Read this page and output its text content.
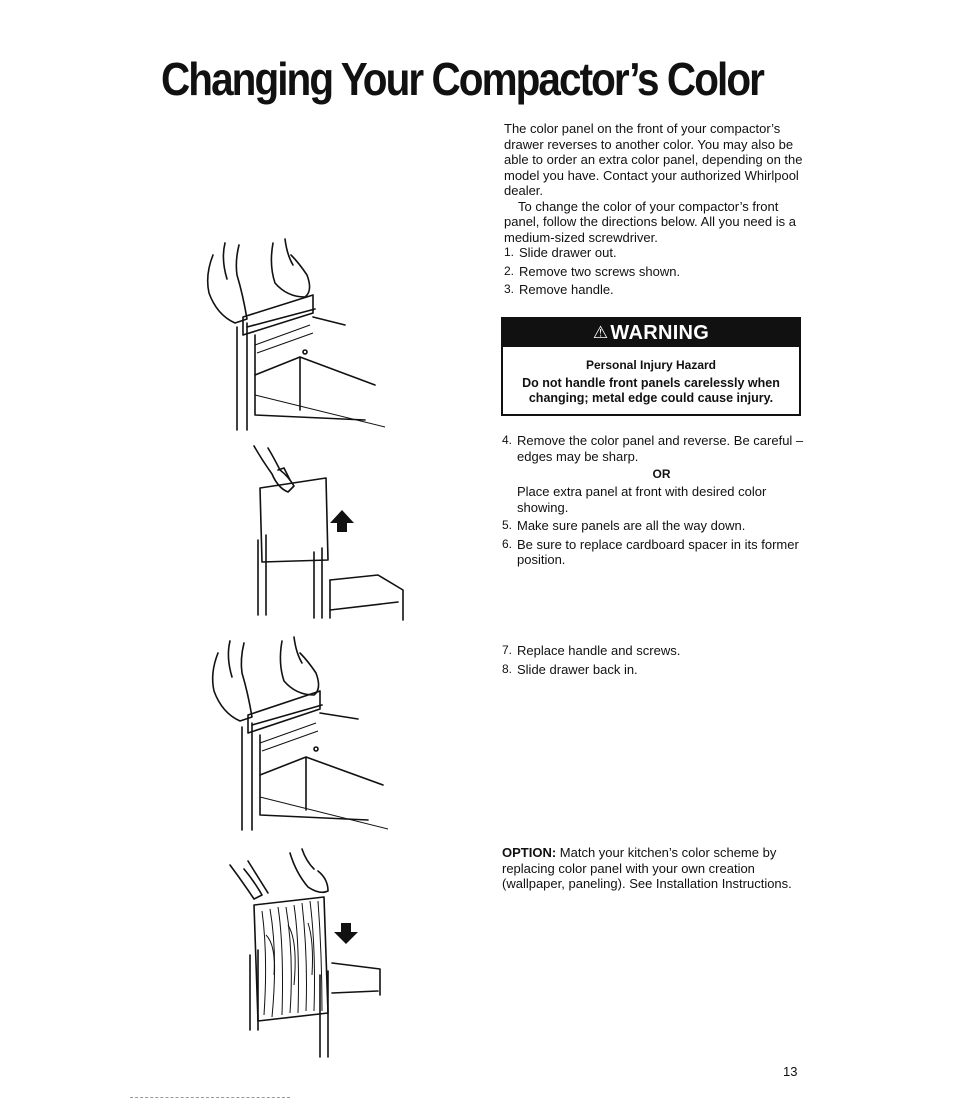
Changing Your Compactor’s Color

The color panel on the front of your compactor’s drawer reverses to another color. You may also be able to order an extra color panel, depending on the model you have. Contact your authorized Whirlpool dealer.

To change the color of your compactor’s front panel, follow the directions below. All you need is a medium-sized screwdriver.

1. Slide drawer out.
2. Remove two screws shown.
3. Remove handle.
⚠ WARNING
Personal Injury Hazard
Do not handle front panels carelessly when changing; metal edge could cause injury.
4. Remove the color panel and reverse. Be careful –edges may be sharp.
OR
Place extra panel at front with desired color showing.
5. Make sure panels are all the way down.
6. Be sure to replace cardboard spacer in its former position.
7. Replace handle and screws.
8. Slide drawer back in.
OPTION: Match your kitchen’s color scheme by replacing color panel with your own creation (wallpaper, paneling). See Installation Instructions.
13
